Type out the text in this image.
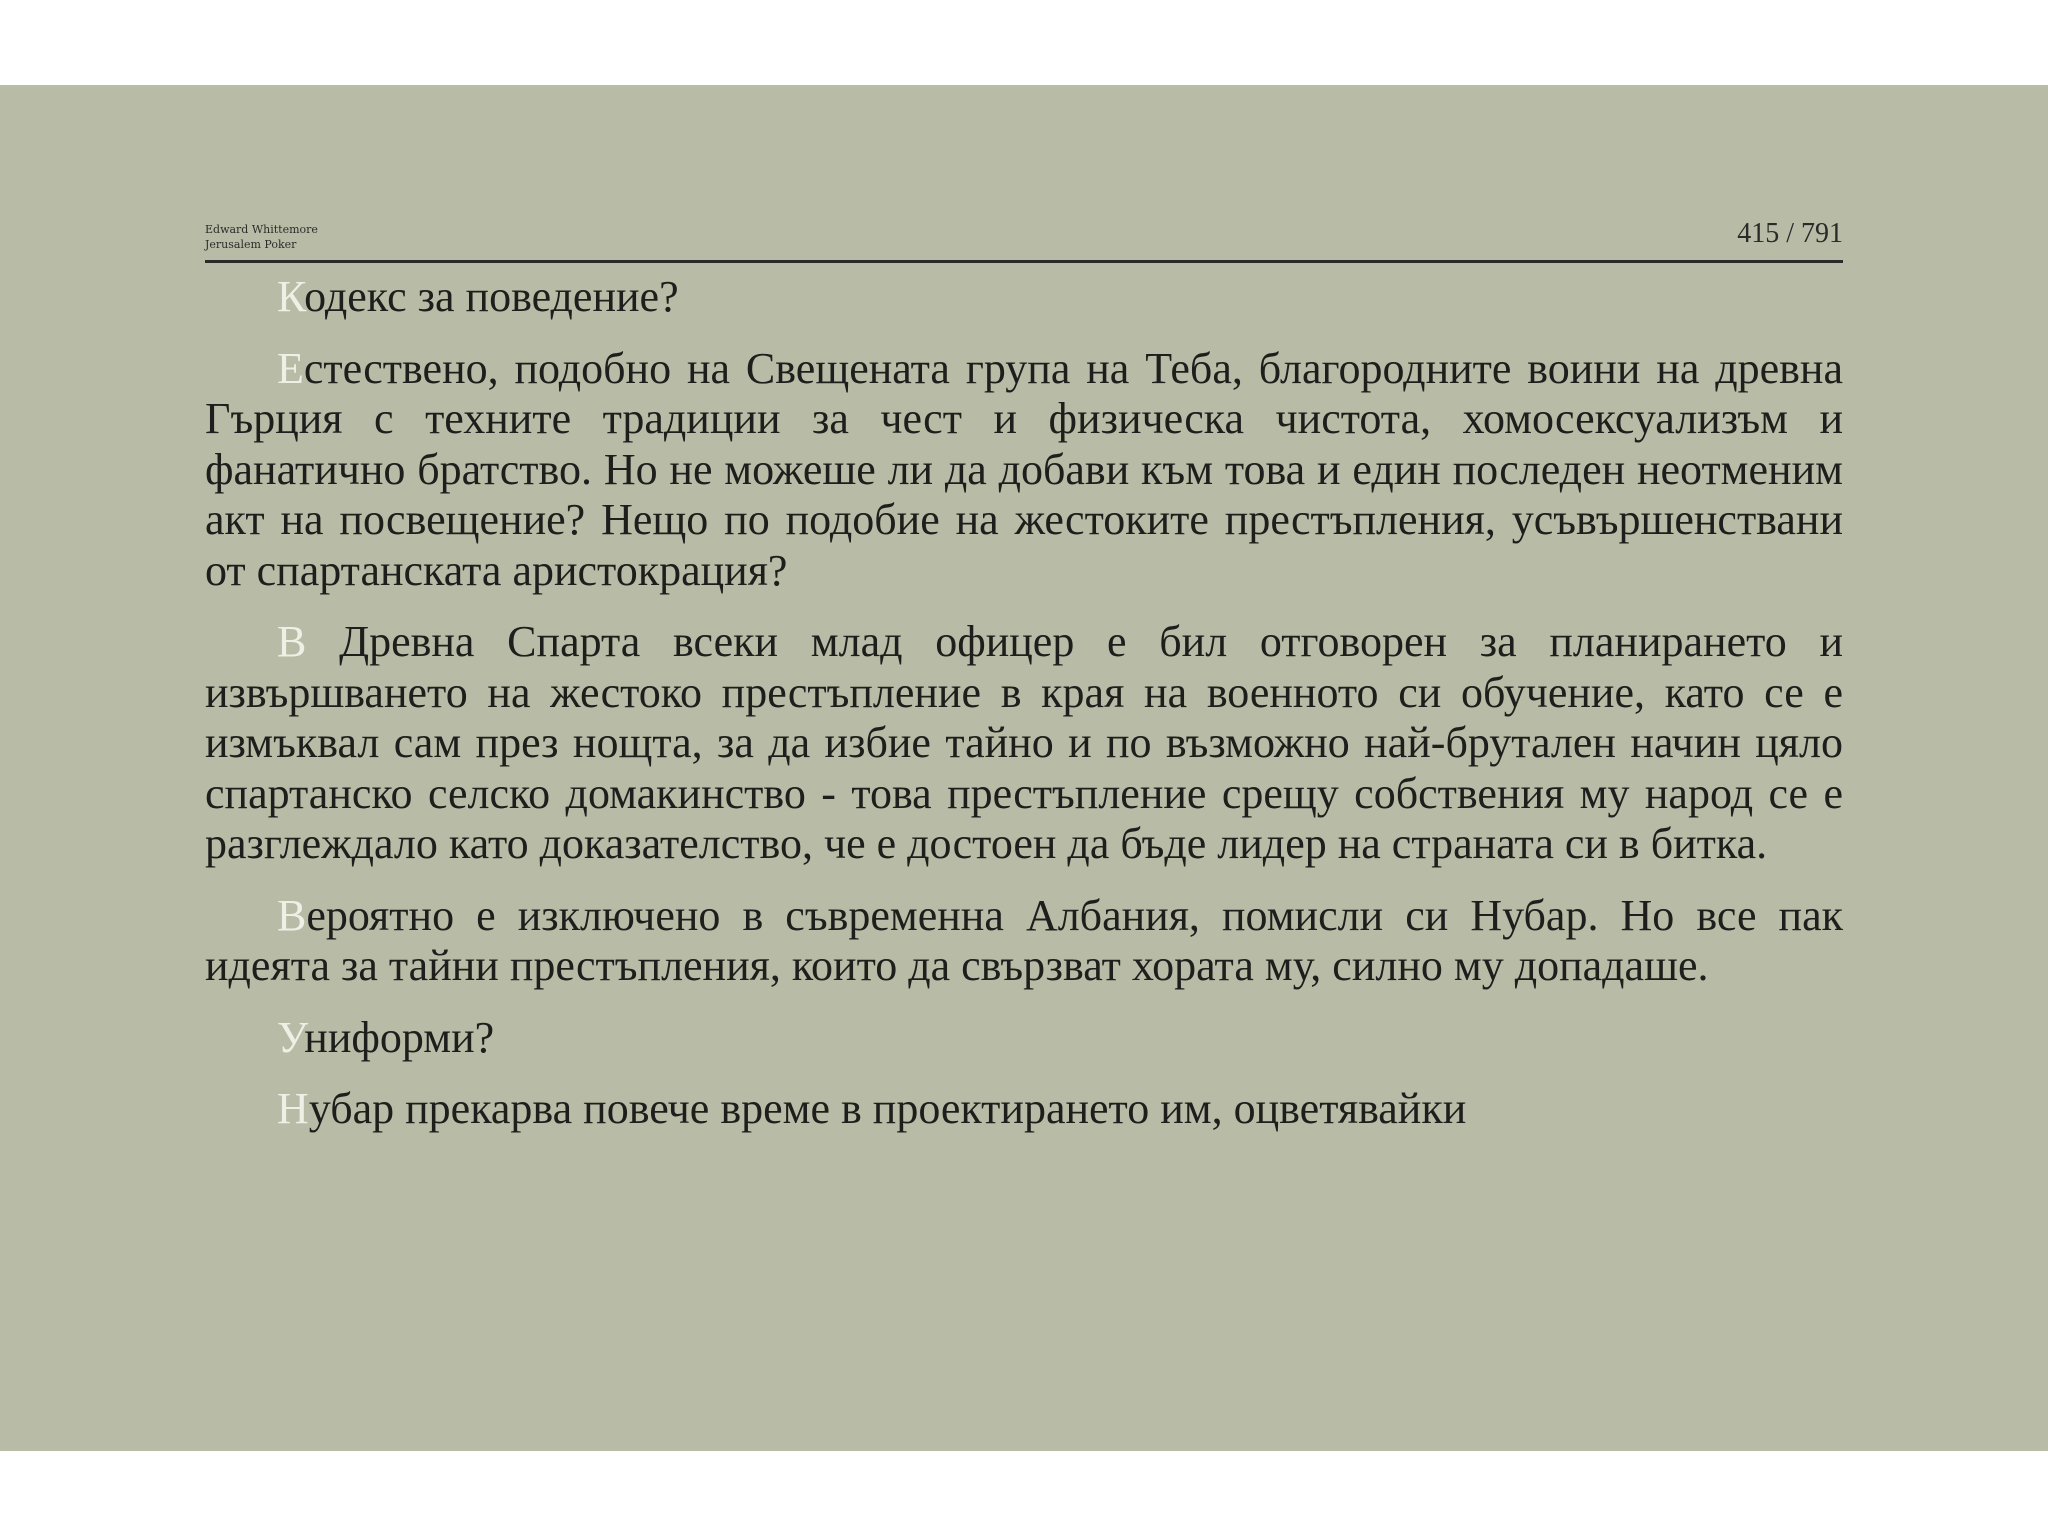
Edward Whittemore
Jerusalem Poker	415 / 791

Кодекс за поведение?

Естествено, подобно на Свещената група на Теба, благородните воини на древна Гърция с техните традиции за чест и физическа чистота, хомосексуализъм и фанатично братство. Но не можеше ли да добави към това и един последен неотменим акт на посвещение? Нещо по подобие на жестоките престъпления, усъвършенствани от спартанската аристокрация?

В Древна Спарта всеки млад офицер е бил отговорен за планирането и извършването на жестоко престъпление в края на военното си обучение, като се е измъквал сам през нощта, за да избие тайно и по възможно най-брутален начин цяло спартанско селско домакинство - това престъпление срещу собствения му народ се е разглеждало като доказателство, че е достоен да бъде лидер на страната си в битка.

Вероятно е изключено в съвременна Албания, помисли си Нубар. Но все пак идеята за тайни престъпления, които да свързват хората му, силно му допадаше.

Униформи?

Нубар прекарва повече време в проектирането им, оцветявайки
